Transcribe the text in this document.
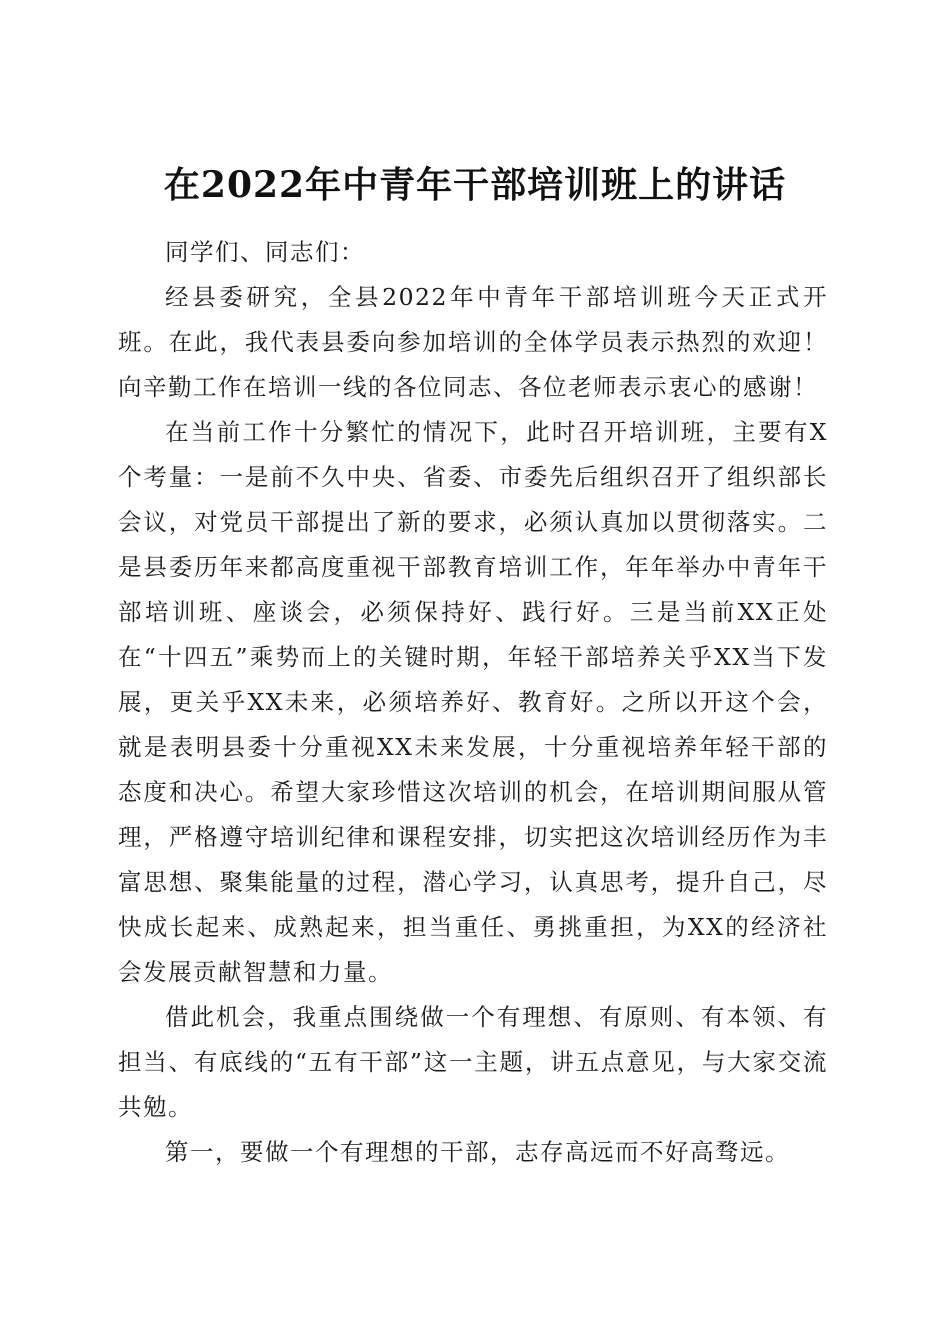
在2022年中青年干部培训班上的讲话

同学们、同志们：

经县委研究，全县2022年中青年干部培训班今天正式开班。在此，我代表县委向参加培训的全体学员表示热烈的欢迎！向辛勤工作在培训一线的各位同志、各位老师表示衷心的感谢！

在当前工作十分繁忙的情况下，此时召开培训班，主要有X个考量：一是前不久中央、省委、市委先后组织召开了组织部长会议，对党员干部提出了新的要求，必须认真加以贯彻落实。二是县委历年来都高度重视干部教育培训工作，年年举办中青年干部培训班、座谈会，必须保持好、践行好。三是当前XX正处在“十四五”乘势而上的关键时期，年轻干部培养关乎XX当下发展，更关乎XX未来，必须培养好、教育好。之所以开这个会，就是表明县委十分重视XX未来发展，十分重视培养年轻干部的态度和决心。希望大家珍惜这次培训的机会，在培训期间服从管理，严格遵守培训纪律和课程安排，切实把这次培训经历作为丰富思想、聚集能量的过程，潜心学习，认真思考，提升自己，尽快成长起来、成熟起来，担当重任、勇挑重担，为XX的经济社会发展贡献智慧和力量。

借此机会，我重点围绕做一个有理想、有原则、有本领、有担当、有底线的“五有干部”这一主题，讲五点意见，与大家交流共勉。

第一，要做一个有理想的干部，志存高远而不好高骛远。
